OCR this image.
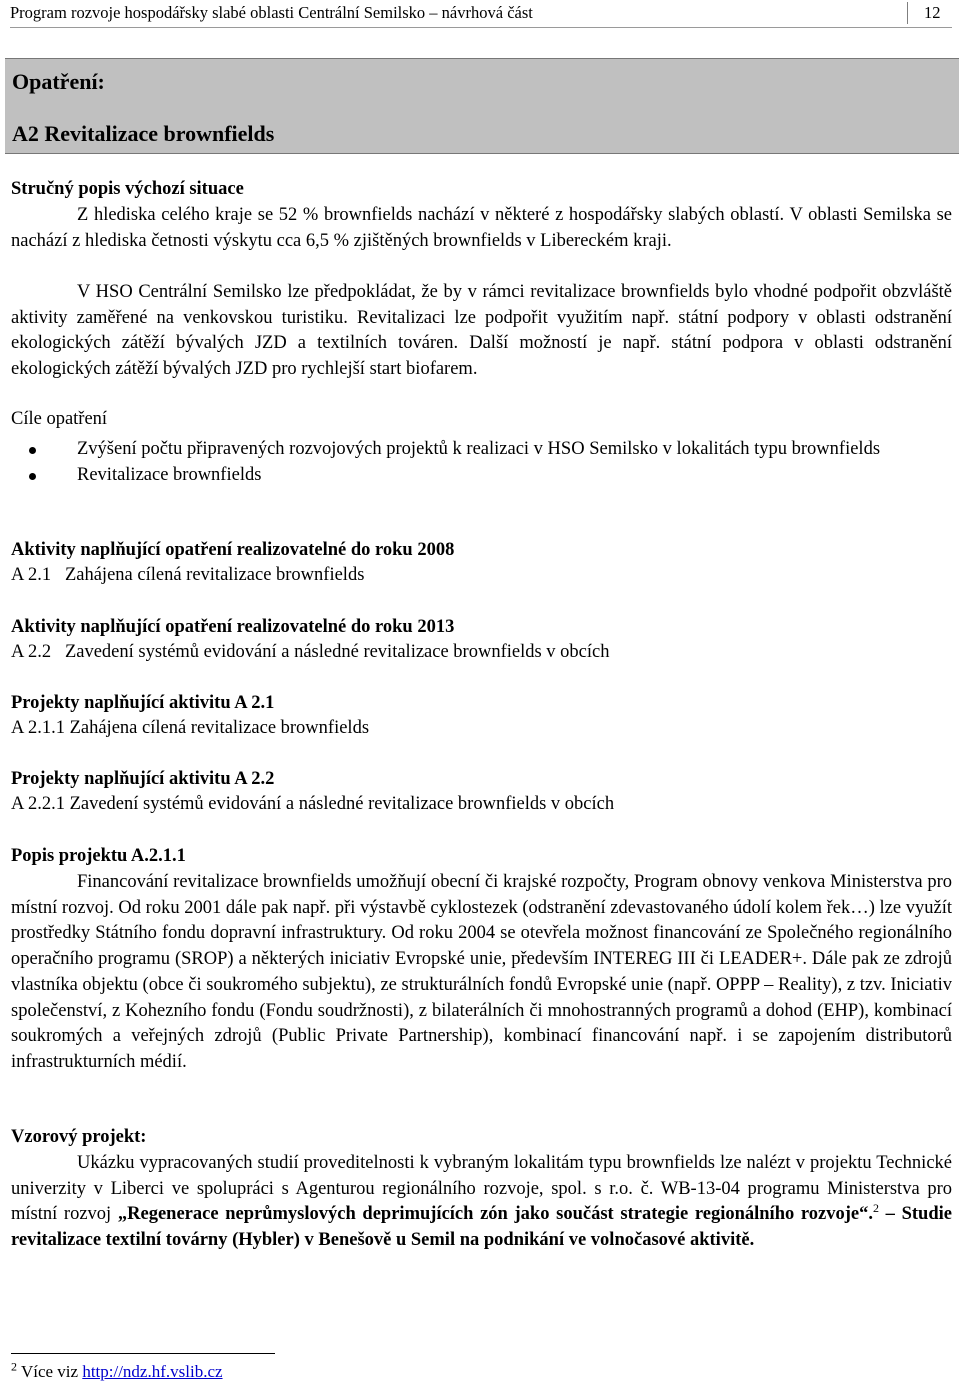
Program rozvoje hospodářsky slabé oblasti Centrální Semilsko – návrhová část	12
Opatření:
A2 Revitalizace brownfields
Stručný popis výchozí situace

Z hlediska celého kraje se 52 % brownfields nachází v některé z hospodářsky slabých oblastí. V oblasti Semilska se nachází z hlediska četnosti výskytu cca 6,5 % zjištěných brownfields v Libereckém kraji.

V HSO Centrální Semilsko lze předpokládat, že by v rámci revitalizace brownfields bylo vhodné podpořit obzvláště aktivity zaměřené na venkovskou turistiku. Revitalizaci lze podpořit využitím např. státní podpory v oblasti odstranění ekologických zátěží bývalých JZD a textilních továren. Další možností je např. státní podpora v oblasti odstranění ekologických zátěží bývalých JZD pro rychlejší start biofarem.

Cíle opatření
Zvýšení počtu připravených rozvojových projektů k realizaci v HSO Semilsko v lokalitách typu brownfields
Revitalizace brownfields
Aktivity naplňující opatření realizovatelné do roku 2008
A 2.1   Zahájena cílená revitalizace brownfields
Aktivity naplňující opatření realizovatelné do roku 2013
A 2.2   Zavedení systémů evidování a následné revitalizace brownfields v obcích
Projekty naplňující aktivitu A 2.1
A 2.1.1 Zahájena cílená revitalizace brownfields
Projekty naplňující aktivitu A 2.2
A 2.2.1 Zavedení systémů evidování a následné revitalizace brownfields v obcích
Popis projektu A.2.1.1

Financování revitalizace brownfields umožňují obecní či krajské rozpočty, Program obnovy venkova Ministerstva pro místní rozvoj. Od roku 2001 dále pak např. při výstavbě cyklostezek (odstranění zdevastovaného údolí kolem řek…) lze využít prostředky Státního fondu dopravní infrastruktury. Od roku 2004 se otevřela možnost financování ze Společného regionálního operačního programu (SROP) a některých iniciativ Evropské unie, především INTEREG III či LEADER+. Dále pak ze zdrojů vlastníka objektu (obce či soukromého subjektu), ze strukturálních fondů Evropské unie (např. OPPP – Reality), z tzv. Iniciativ společenství, z Kohezního fondu (Fondu soudržnosti), z bilaterálních či mnohostranných programů a dohod (EHP), kombinací soukromých a veřejných zdrojů (Public Private Partnership), kombinací financování např. i se zapojením distributorů infrastrukturních médií.

Vzorový projekt:

Ukázku vypracovaných studií proveditelnosti k vybraným lokalitám typu brownfields lze nalézt v projektu Technické univerzity v Liberci ve spolupráci s Agenturou regionálního rozvoje, spol. s r.o. č. WB-13-04 programu Ministerstva pro místní rozvoj „Regenerace neprůmyslových deprimujících zón jako součást strategie regionálního rozvoje“.$^2$ – Studie revitalizace textilní továrny (Hybler) v Benešově u Semil na podnikání ve volnočasové aktivitě.

$^2$ Více viz http://ndz.hf.vslib.cz
